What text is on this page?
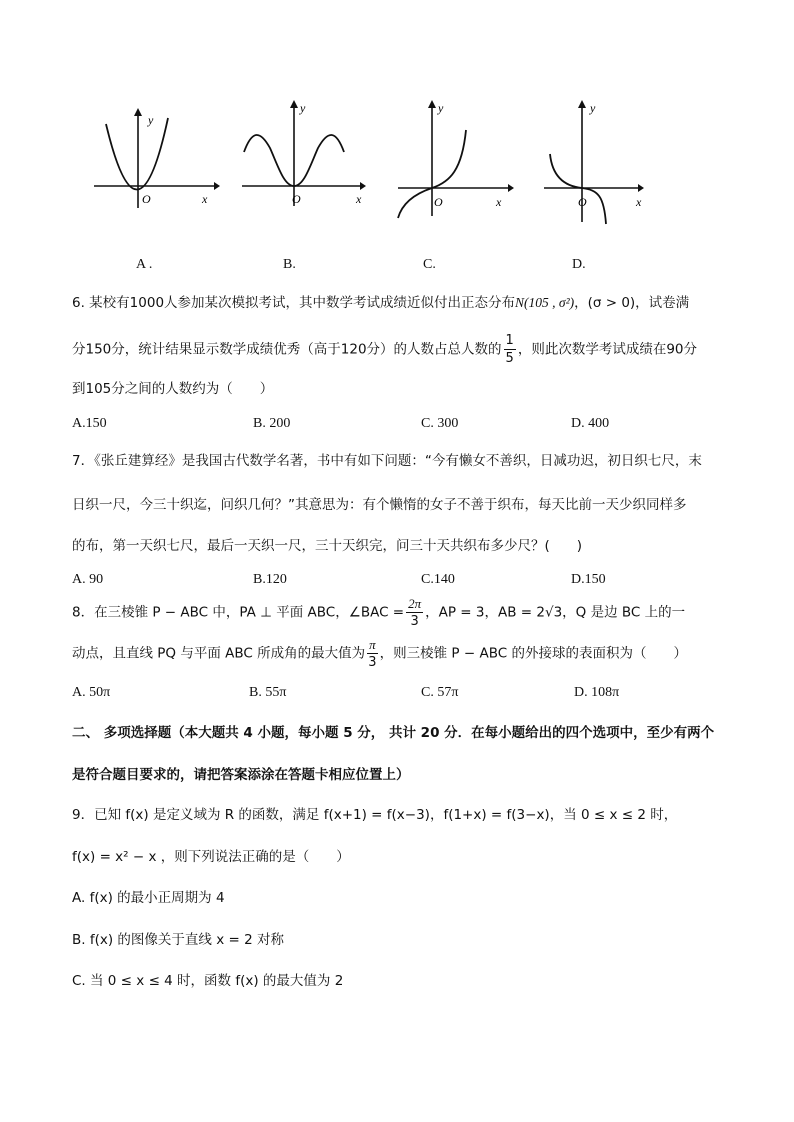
y
O	x
y
O	x
y
O	x
y
O	x
A .	B.	C.	D.
6. 某校有1000人参加某次模拟考试，其中数学考试成绩近似付出正态分布N(105 , σ²)，(σ > 0)，试卷满
分150分，统计结果显示数学成绩优秀（高于120分）的人数占总人数的 $\frac{1}{5}$ ，则此次数学考试成绩在90分
到105分之间的人数约为（　　）
A.150	B. 200	C. 300	D. 400
7．《张丘建算经》是我国古代数学名著，书中有如下问题：“今有懒女不善织，日减功迟，初日织七尺，末
日织一尺，今三十织迄，问织几何？”其意思为：有个懒惰的女子不善于织布，每天比前一天少织同样多
的布，第一天织七尺，最后一天织一尺，三十天织完，问三十天共织布多少尺？(　　)
A. 90	B.120	C.140	D.150
8．在三棱锥 P − ABC 中，PA ⊥ 平面 ABC，∠BAC = $\frac{2\pi}{3}$ ，AP = 3，AB = 2√3，Q 是边 BC 上的一
动点，且直线 PQ 与平面 ABC 所成角的最大值为 $\frac{\pi}{3}$ ，则三棱锥 P − ABC 的外接球的表面积为（　　）
A. 50π	B. 55π	C. 57π	D. 108π
二、 多项选择题（本大题共 4 小题，每小题 5 分， 共计 20 分．在每小题给出的四个选项中，至少有两个
是符合题目要求的，请把答案添涂在答题卡相应位置上）
9．已知 f(x) 是定义域为 R 的函数，满足 f(x+1) = f(x−3)，f(1+x) = f(3−x)，当 0 ≤ x ≤ 2 时，
f(x) = x² − x ，则下列说法正确的是（　　）
A. f(x) 的最小正周期为 4
B. f(x) 的图像关于直线 x = 2 对称
C. 当 0 ≤ x ≤ 4 时，函数 f(x) 的最大值为 2
